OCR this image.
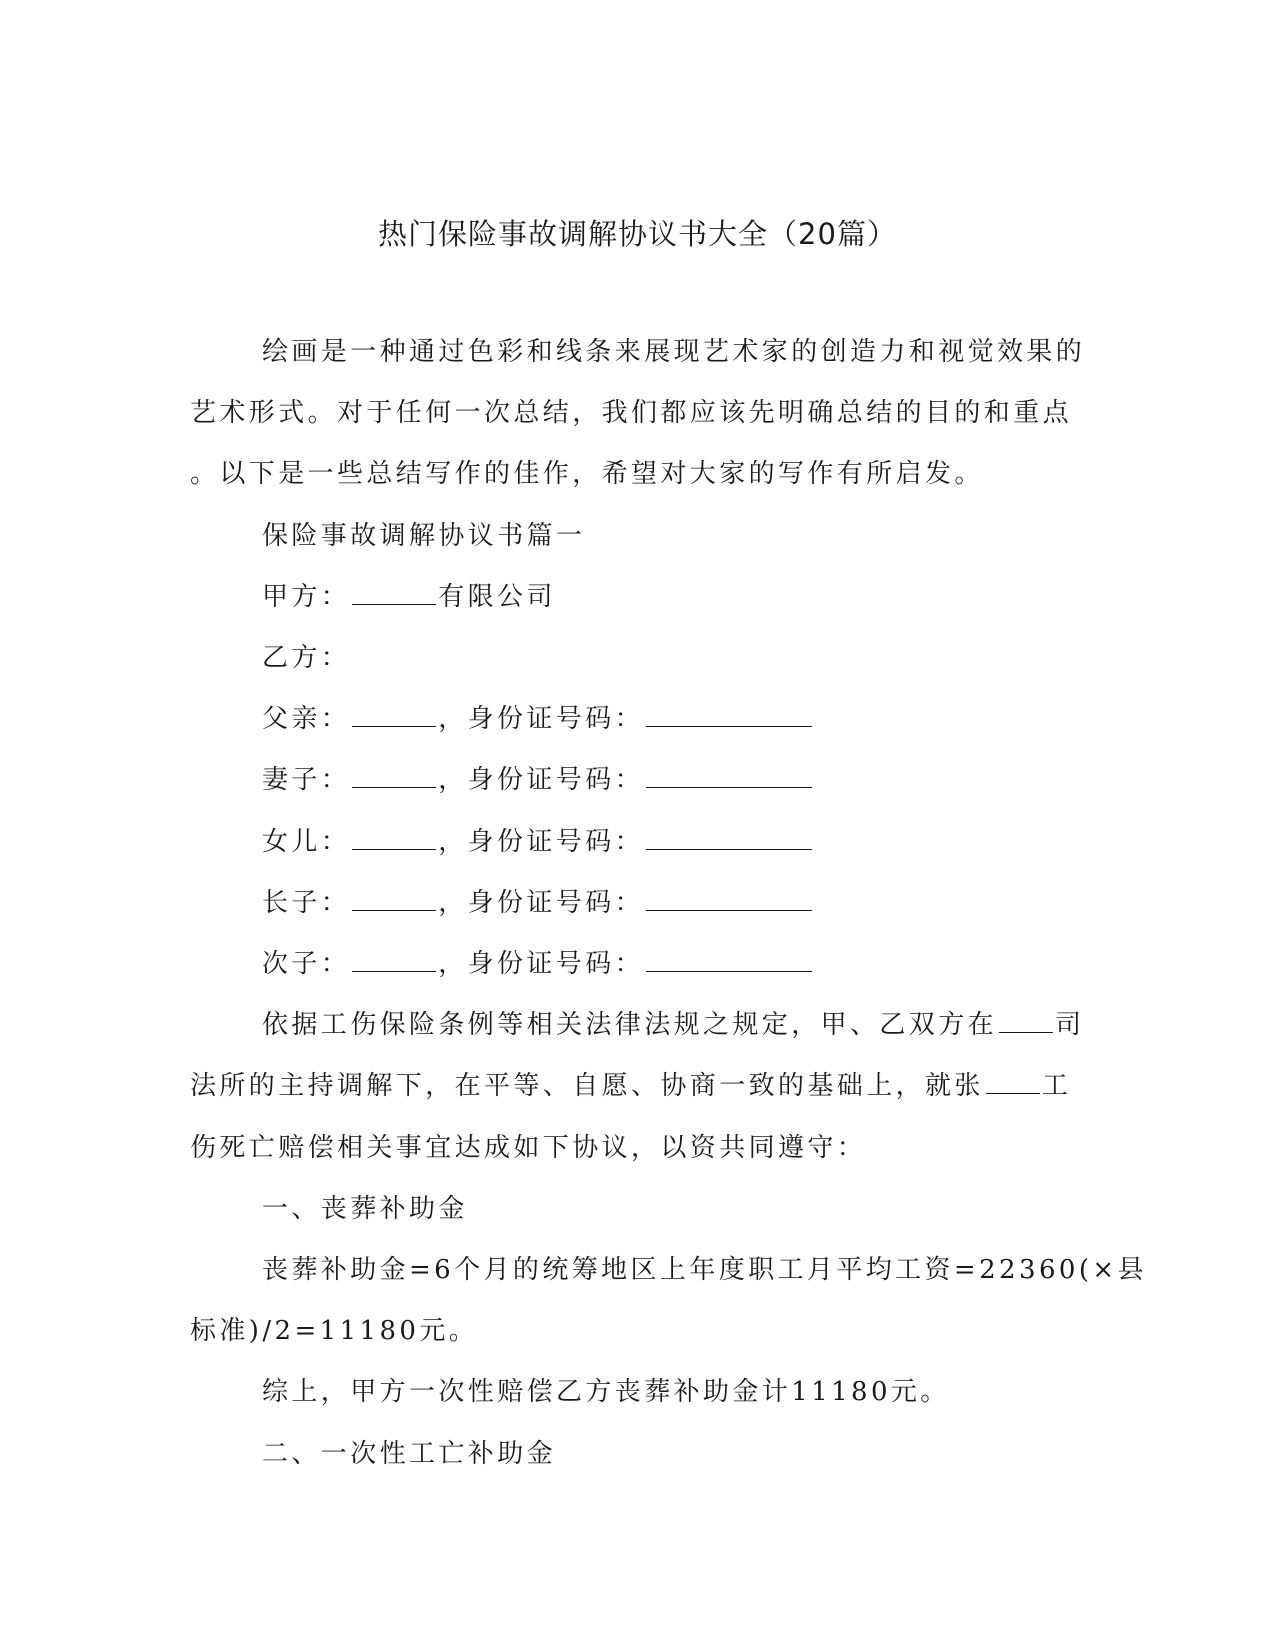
热门保险事故调解协议书大全（20篇）

绘画是一种通过色彩和线条来展现艺术家的创造力和视觉效果的

艺术形式。对于任何一次总结，我们都应该先明确总结的目的和重点

。以下是一些总结写作的佳作，希望对大家的写作有所启发。

保险事故调解协议书篇一

甲方：	有限公司

乙方：

父亲：	，身份证号码：

妻子：	，身份证号码：

女儿：	，身份证号码：

长子：	，身份证号码：

次子：	，身份证号码：

依据工伤保险条例等相关法律法规之规定，甲、乙双方在 司

法所的主持调解下，在平等、自愿、协商一致的基础上，就张 工

伤死亡赔偿相关事宜达成如下协议，以资共同遵守：

一、丧葬补助金

丧葬补助金=6个月的统筹地区上年度职工月平均工资=22360(×县

标准)/2=11180元。

综上，甲方一次性赔偿乙方丧葬补助金计11180元。

二、一次性工亡补助金
